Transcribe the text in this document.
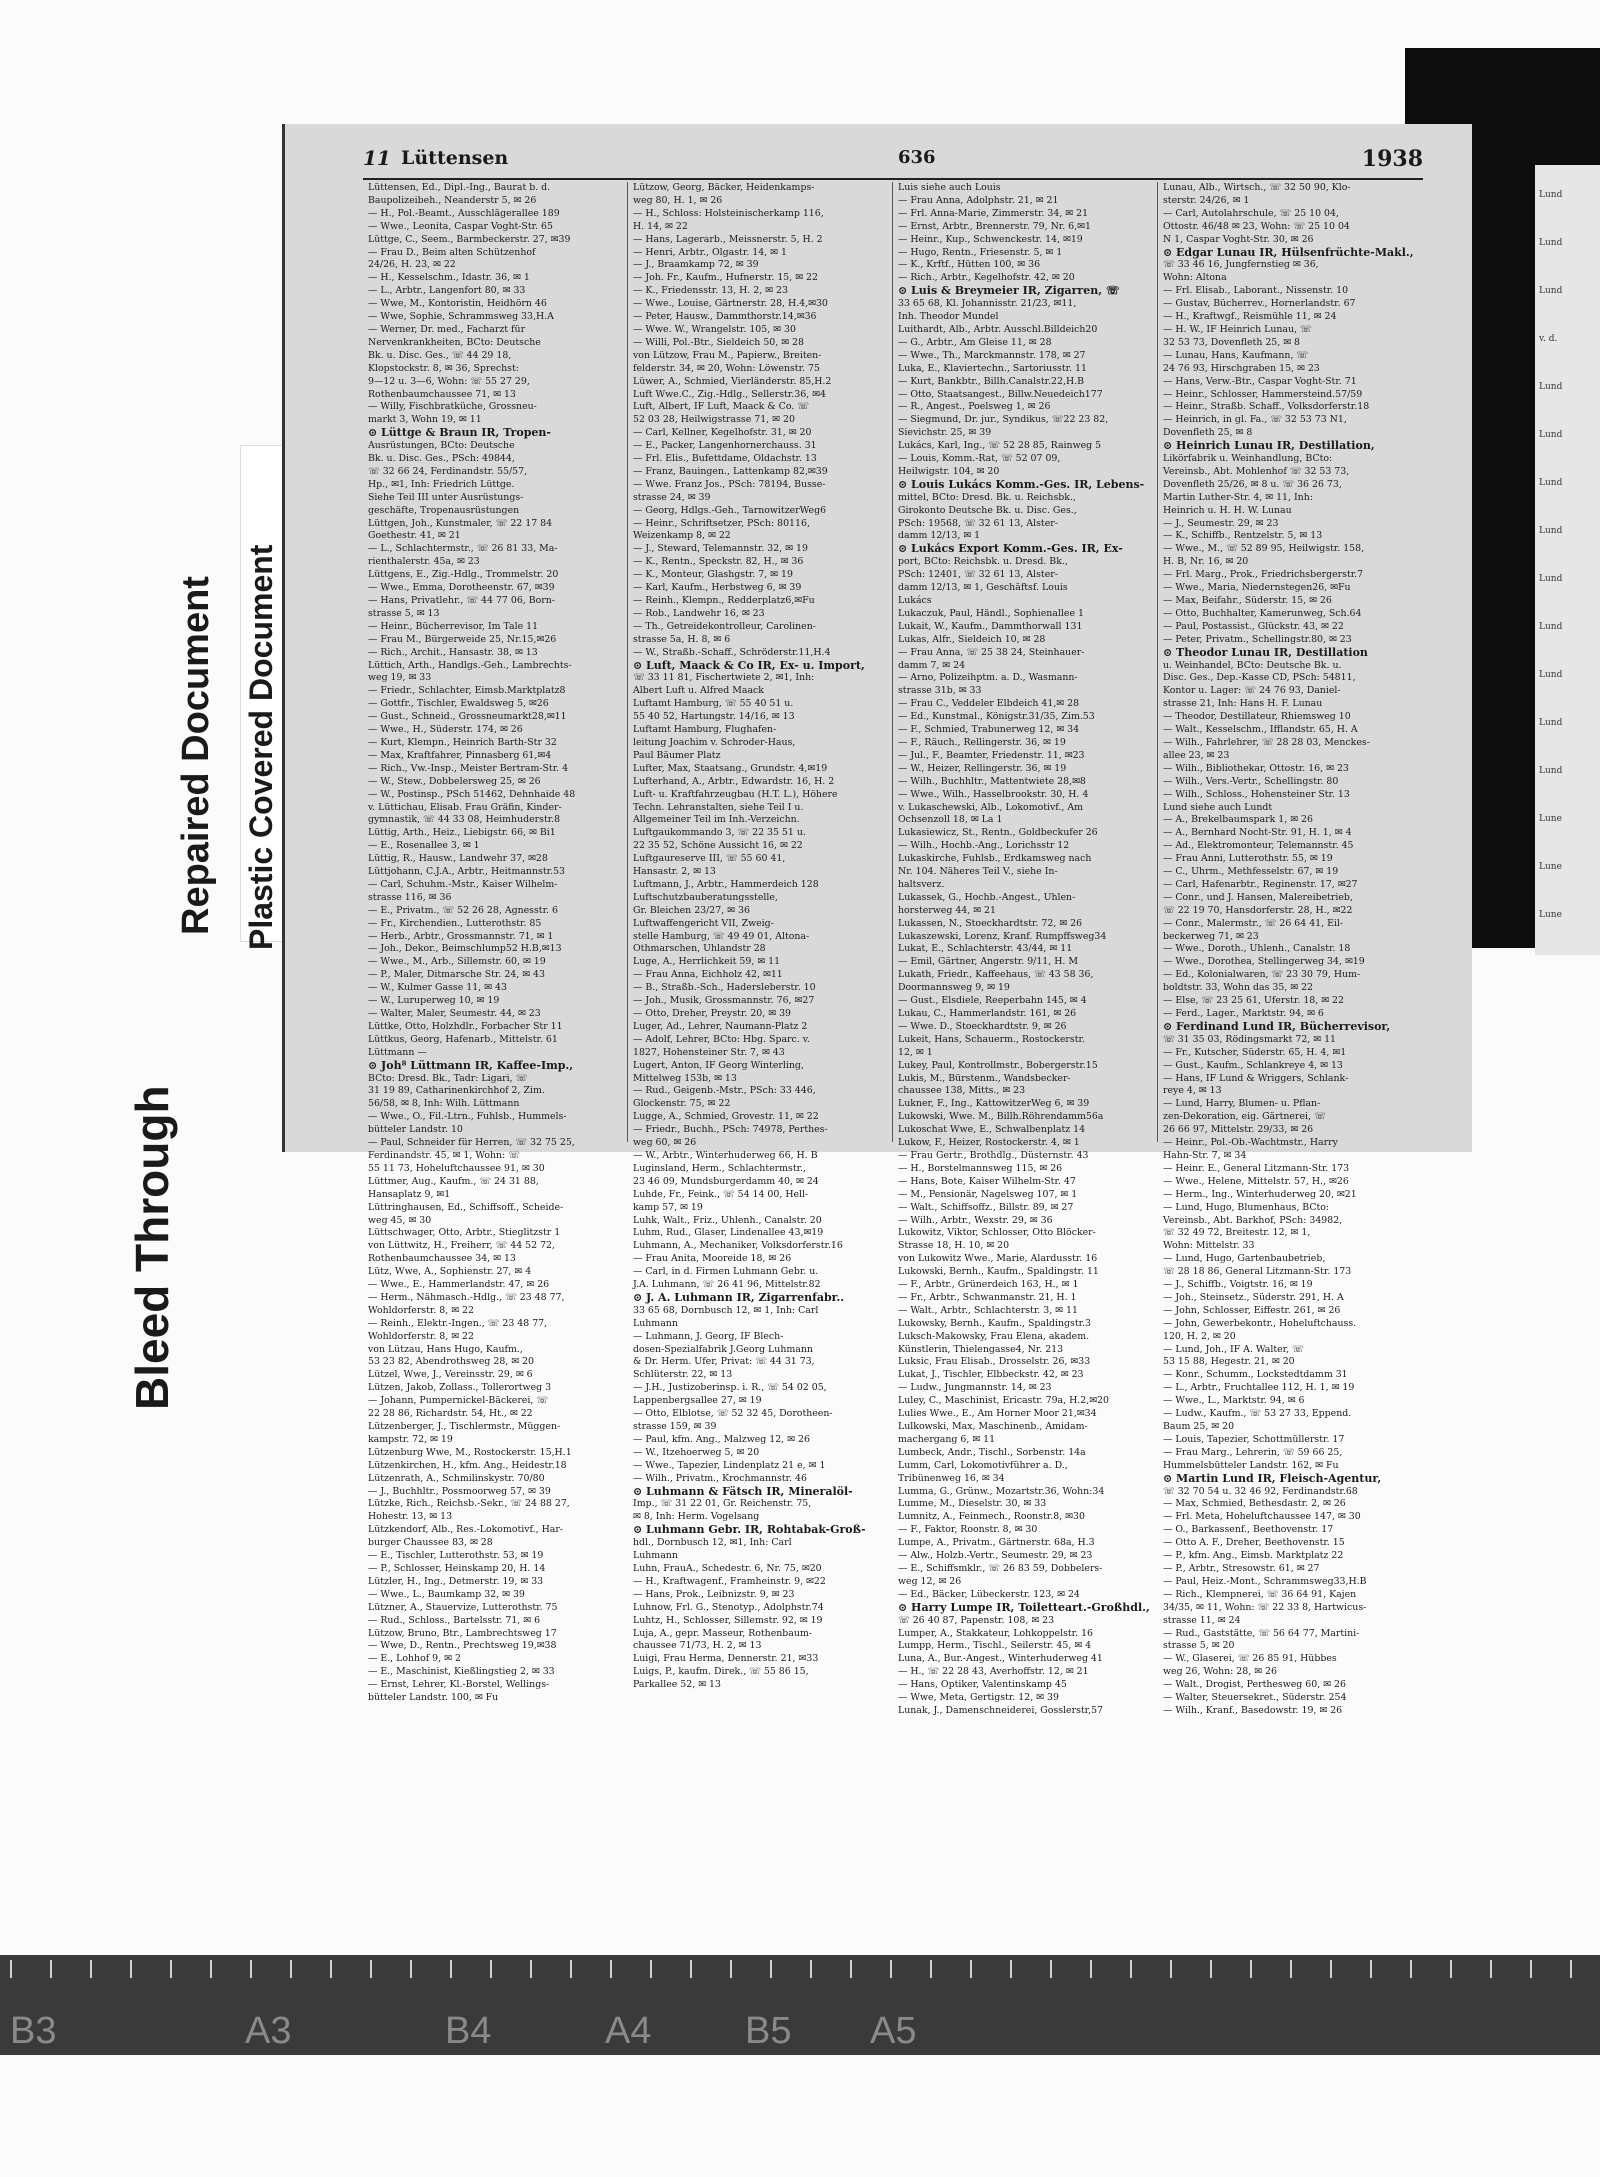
Lund
Lund
Lund
v. d.
Lund
Lund
Lund
Lund
Lund
Lund
Lund
Lund
Lund
Lune
Lune
Lune
Bleed Through
Repaired Document Plastic Covered Document
11 Lüttensen	636	1938
Lüttensen, Ed., Dipl.-Ing., Baurat b. d.
Baupolizeibeh., Neanderstr 5, ✉ 26
— H., Pol.-Beamt., Ausschlägerallee 189
— Wwe., Leonita, Caspar Voght-Str. 65
Lüttge, C., Seem., Barmbeckerstr. 27, ✉39
— Frau D., Beim alten Schützenhof
24/26, H. 23, ✉ 22
— H., Kesselschm., Idastr. 36, ✉ 1
— L., Arbtr., Langenfort 80, ✉ 33
— Wwe, M., Kontoristin, Heidhörn 46
— Wwe, Sophie, Schrammsweg 33,H.A
— Werner, Dr. med., Facharzt für
Nervenkrankheiten, BCto: Deutsche
Bk. u. Disc. Ges., ☏ 44 29 18,
Klopstockstr. 8, ✉ 36, Sprechst:
9—12 u. 3—6, Wohn: ☏ 55 27 29,
Rothenbaumchaussee 71, ✉ 13
— Willy, Fischbratküche, Grossneu-
markt 3, Wohn 19, ✉ 11
⊙ Lüttge & Braun IR, Tropen-
Ausrüstungen, BCto: Deutsche
Bk. u. Disc. Ges., PSch: 49844,
☏ 32 66 24, Ferdinandstr. 55/57,
Hp., ✉1, Inh: Friedrich Lüttge.
Siehe Teil III unter Ausrüstungs-
geschäfte, Tropenausrüstungen
Lüttgen, Joh., Kunstmaler, ☏ 22 17 84
Goethestr. 41, ✉ 21
— L., Schlachtermstr., ☏ 26 81 33, Ma-
rienthalerstr. 45a, ✉ 23
Lüttgens, E., Zig.-Hdlg., Trommelstr. 20
— Wwe., Emma, Dorotheenstr. 67, ✉39
— Hans, Privatlehr., ☏ 44 77 06, Born-
strasse 5, ✉ 13
— Heinr., Bücherrevisor, Im Tale 11
— Frau M., Bürgerweide 25, Nr.15,✉26
— Rich., Archit., Hansastr. 38, ✉ 13
Lüttich, Arth., Handlgs.-Geh., Lambrechts-
weg 19, ✉ 33
— Friedr., Schlachter, Eimsb.Marktplatz8
— Gottfr., Tischler, Ewaldsweg 5, ✉26
— Gust., Schneid., Grossneumarkt28,✉11
— Wwe., H., Süderstr. 174, ✉ 26
— Kurt, Klempn., Heinrich Barth-Str 32
— Max, Kraftfahrer, Pinnasberg 61,✉4
— Rich., Vw.-Insp., Meister Bertram-Str. 4
— W., Stew., Dobbelersweg 25, ✉ 26
— W., Postinsp., PSch 51462, Dehnhaide 48
v. Lüttichau, Elisab. Frau Gräfin, Kinder-
gymnastik, ☏ 44 33 08, Heimhuderstr.8
Lüttig, Arth., Heiz., Liebigstr. 66, ✉ Bi1
— E., Rosenallee 3, ✉ 1
Lüttig, R., Hausw., Landwehr 37, ✉28
Lüttjohann, C.J.A., Arbtr., Heitmannstr.53
— Carl, Schuhm.-Mstr., Kaiser Wilhelm-
strasse 116, ✉ 36
— E., Privatm., ☏ 52 26 28, Agnesstr. 6
— Fr., Kirchendien., Lutterothstr. 85
— Herb., Arbtr., Grossmannstr. 71, ✉ 1
— Joh., Dekor., Beimschlump52 H.B,✉13
— Wwe., M., Arb., Sillemstr. 60, ✉ 19
— P., Maler, Ditmarsche Str. 24, ✉ 43
— W., Kulmer Gasse 11, ✉ 43
— W., Luruperweg 10, ✉ 19
— Walter, Maler, Seumestr. 44, ✉ 23
Lüttke, Otto, Holzhdlr., Forbacher Str 11
Lüttkus, Georg, Hafenarb., Mittelstr. 61
Lüttmann —
⊙ Joh⁸ Lüttmann IR, Kaffee-Imp.,
BCto: Dresd. Bk., Tadr: Ligari, ☏
31 19 89, Catharinenkirchhof 2, Zim.
56/58, ✉ 8, Inh: Wilh. Lüttmann
— Wwe., O., Fil.-Ltrn., Fuhlsb., Hummels-
bütteler Landstr. 10
— Paul, Schneider für Herren, ☏ 32 75 25,
Ferdinandstr. 45, ✉ 1, Wohn: ☏
55 11 73, Hoheluftchaussee 91, ✉ 30
Lüttmer, Aug., Kaufm., ☏ 24 31 88,
Hansaplatz 9, ✉1
Lüttringhausen, Ed., Schiffsoff., Scheide-
weg 45, ✉ 30
Lüttschwager, Otto, Arbtr., Stieglitzstr 1
von Lüttwitz, H., Freiherr, ☏ 44 52 72,
Rothenbaumchaussee 34, ✉ 13
Lütz, Wwe, A., Sophienstr. 27, ✉ 4
— Wwe., E., Hammerlandstr. 47, ✉ 26
— Herm., Nähmasch.-Hdlg., ☏ 23 48 77,
Wohldorferstr. 8, ✉ 22
— Reinh., Elektr.-Ingen., ☏ 23 48 77,
Wohldorferstr. 8, ✉ 22
von Lützau, Hans Hugo, Kaufm.,
53 23 82, Abendrothsweg 28, ✉ 20
Lützel, Wwe, J., Vereinsstr. 29, ✉ 6
Lützen, Jakob, Zollass., Tollerortweg 3
— Johann, Pumpernickel-Bäckerei, ☏
22 28 86, Richardstr. 54, Ht., ✉ 22
Lützenberger, J., Tischlermstr., Müggen-
kampstr. 72, ✉ 19
Lützenburg Wwe, M., Rostockerstr. 15,H.1
Lützenkirchen, H., kfm. Ang., Heidestr.18
Lützenrath, A., Schmilinskystr. 70/80
— J., Buchhltr., Possmoorweg 57, ✉ 39
Lützke, Rich., Reichsb.-Sekr., ☏ 24 88 27,
Hohestr. 13, ✉ 13
Lützkendorf, Alb., Res.-Lokomotivf., Har-
burger Chaussee 83, ✉ 28
— E., Tischler, Lutterothstr. 53, ✉ 19
— P., Schlosser, Heinskamp 20, H. 14
Lützler, H., Ing., Detmerstr. 19, ✉ 33
— Wwe., L., Baumkamp 32, ✉ 39
Lützner, A., Stauervize, Lutterothstr. 75
— Rud., Schloss., Bartelsstr. 71, ✉ 6
Lützow, Bruno, Btr., Lambrechtsweg 17
— Wwe, D., Rentn., Prechtsweg 19,✉38
— E., Lohhof 9, ✉ 2
— E., Maschinist, Kießlingstieg 2, ✉ 33
— Ernst, Lehrer, Kl.-Borstel, Wellings-
bütteler Landstr. 100, ✉ Fu
Lützow, Georg, Bäcker, Heidenkamps-
weg 80, H. 1, ✉ 26
— H., Schloss: Holsteinischerkamp 116,
H. 14, ✉ 22
— Hans, Lagerarb., Meissnerstr. 5, H. 2
— Henri, Arbtr., Olgastr. 14, ✉ 1
— J., Braamkamp 72, ✉ 39
— Joh. Fr., Kaufm., Hufnerstr. 15, ✉ 22
— K., Friedensstr. 13, H. 2, ✉ 23
— Wwe., Louise, Gärtnerstr. 28, H.4,✉30
— Peter, Hausw., Dammthorstr.14,✉36
— Wwe. W., Wrangelstr. 105, ✉ 30
— Willi, Pol.-Btr., Sieldeich 50, ✉ 28
von Lützow, Frau M., Papierw., Breiten-
felderstr. 34, ✉ 20, Wohn: Löwenstr. 75
Lüwer, A., Schmied, Vierländerstr. 85,H.2
Luft Wwe.C., Zig.-Hdlg., Sellerstr.36, ✉4
Luft, Albert, IF Luft, Maack & Co. ☏
52 03 28, Heilwigstrasse 71, ✉ 20
— Carl, Kellner, Kegelhofstr. 31, ✉ 20
— E., Packer, Langenhornerchauss. 31
— Frl. Elis., Bufettdame, Oldachstr. 13
— Franz, Bauingen., Lattenkamp 82,✉39
— Wwe. Franz Jos., PSch: 78194, Busse-
strasse 24, ✉ 39
— Georg, Hdlgs.-Geh., TarnowitzerWeg6
— Heinr., Schriftsetzer, PSch: 80116,
Weizenkamp 8, ✉ 22
— J., Steward, Telemannstr. 32, ✉ 19
— K., Rentn., Speckstr. 82, H., ✉ 36
— K., Monteur, Glashgstr. 7, ✉ 19
— Karl, Kaufm., Herbstweg 6, ✉ 39
— Reinh., Klempn., Redderplatz6,✉Fu
— Rob., Landwehr 16, ✉ 23
— Th., Getreidekontrolleur, Carolinen-
strasse 5a, H. 8, ✉ 6
— W., Straßb.-Schaff., Schröderstr.11,H.4
⊙ Luft, Maack & Co IR, Ex- u. Import,
☏ 33 11 81, Fischertwiete 2, ✉1, Inh:
Albert Luft u. Alfred Maack
Luftamt Hamburg, ☏ 55 40 51 u.
55 40 52, Hartungstr. 14/16, ✉ 13
Luftamt Hamburg, Flughafen-
leitung Joachim v. Schroder-Haus,
Paul Bäumer Platz
Lufter, Max, Staatsang., Grundstr. 4,✉19
Lufterhand, A., Arbtr., Edwardstr. 16, H. 2
Luft- u. Kraftfahrzeugbau (H.T. L.), Höhere
Techn. Lehranstalten, siehe Teil I u.
Allgemeiner Teil im Inh.-Verzeichn.
Luftgaukommando 3, ☏ 22 35 51 u.
22 35 52, Schöne Aussicht 16, ✉ 22
Luftgaureserve III, ☏ 55 60 41,
Hansastr. 2, ✉ 13
Luftmann, J., Arbtr., Hammerdeich 128
Luftschutzbauberatungsstelle,
Gr. Bleichen 23/27, ✉ 36
Luftwaffengericht VII, Zweig-
stelle Hamburg, ☏ 49 49 01, Altona-
Othmarschen, Uhlandstr 28
Luge, A., Herrlichkeit 59, ✉ 11
— Frau Anna, Eichholz 42, ✉11
— B., Straßb.-Sch., Hadersleberstr. 10
— Joh., Musik, Grossmannstr. 76, ✉27
— Otto, Dreher, Preystr. 20, ✉ 39
Luger, Ad., Lehrer, Naumann-Platz 2
— Adolf, Lehrer, BCto: Hbg. Sparc. v.
1827, Hohensteiner Str. 7, ✉ 43
Lugert, Anton, IF Georg Winterling,
Mittelweg 153b, ✉ 13
— Rud., Geigenb.-Mstr., PSch: 33 446,
Glockenstr. 75, ✉ 22
Lugge, A., Schmied, Grovestr. 11, ✉ 22
— Friedr., Buchh., PSch: 74978, Perthes-
weg 60, ✉ 26
— W., Arbtr., Winterhuderweg 66, H. B
Luginsland, Herm., Schlachtermstr.,
23 46 09, Mundsburgerdamm 40, ✉ 24
Luhde, Fr., Feink., ☏ 54 14 00, Hell-
kamp 57, ✉ 19
Luhk, Walt., Friz., Uhlenh., Canalstr. 20
Luhm, Rud., Glaser, Lindenallee 43,✉19
Luhmann, A., Mechaniker, Volksdorferstr.16
— Frau Anita, Mooreide 18, ✉ 26
— Carl, in d. Firmen Luhmann Gebr. u.
J.A. Luhmann, ☏ 26 41 96, Mittelstr.82
⊙ J. A. Luhmann IR, Zigarrenfabr..
33 65 68, Dornbusch 12, ✉ 1, Inh: Carl
Luhmann
— Luhmann, J. Georg, IF Blech-
dosen-Spezialfabrik J.Georg Luhmann
& Dr. Herm. Ufer, Privat: ☏ 44 31 73,
Schlüterstr. 22, ✉ 13
— J.H., Justizoberinsp. i. R., ☏ 54 02 05,
Lappenbergsallee 27, ✉ 19
— Otto, Elblotse, ☏ 52 32 45, Dorotheen-
strasse 159, ✉ 39
— Paul, kfm. Ang., Malzweg 12, ✉ 26
— W., Itzehoerweg 5, ✉ 20
— Wwe., Tapezier, Lindenplatz 21 e, ✉ 1
— Wilh., Privatm., Krochmannstr. 46
⊙ Luhmann & Fätsch IR, Mineralöl-
Imp., ☏ 31 22 01, Gr. Reichenstr. 75,
✉ 8, Inh: Herm. Vogelsang
⊙ Luhmann Gebr. IR, Rohtabak-Groß-
hdl., Dornbusch 12, ✉1, Inh: Carl
Luhmann
Luhn, FrauA., Schedestr. 6, Nr. 75, ✉20
— H., Kraftwagenf., Framheinstr. 9, ✉22
— Hans, Prok., Leibnizstr. 9, ✉ 23
Luhnow, Frl. G., Stenotyp., Adolphstr.74
Luhtz, H., Schlosser, Sillemstr. 92, ✉ 19
Luja, A., gepr. Masseur, Rothenbaum-
chaussee 71/73, H. 2, ✉ 13
Luigi, Frau Herma, Dennerstr. 21, ✉33
Luigs, P., kaufm. Direk., ☏ 55 86 15,
Parkallee 52, ✉ 13
Luis siehe auch Louis
— Frau Anna, Adolphstr. 21, ✉ 21
— Frl. Anna-Marie, Zimmerstr. 34, ✉ 21
— Ernst, Arbtr., Brennerstr. 79, Nr. 6,✉1
— Heinr., Kup., Schwenckestr. 14, ✉19
— Hugo, Rentn., Friesenstr. 5, ✉ 1
— K., Krftf., Hütten 100, ✉ 36
— Rich., Arbtr., Kegelhofstr. 42, ✉ 20
⊙ Luis & Breymeier IR, Zigarren, ☏
33 65 68, Kl. Johannisstr. 21/23, ✉11,
Inh. Theodor Mundel
Luithardt, Alb., Arbtr. Ausschl.Billdeich20
— G., Arbtr., Am Gleise 11, ✉ 28
— Wwe., Th., Marckmannstr. 178, ✉ 27
Luka, E., Klaviertechn., Sartoriusstr. 11
— Kurt, Bankbtr., Billh.Canalstr.22,H.B
— Otto, Staatsangest., Billw.Neuedeich177
— R., Angest., Poelsweg 1, ✉ 26
— Siegmund, Dr. jur., Syndikus, ☏22 23 82,
Sievichstr. 25, ✉ 39
Lukács, Karl, Ing., ☏ 52 28 85, Rainweg 5
— Louis, Komm.-Rat, ☏ 52 07 09,
Heilwigstr. 104, ✉ 20
⊙ Louis Lukács Komm.-Ges. IR, Lebens-
mittel, BCto: Dresd. Bk. u. Reichsbk.,
Girokonto Deutsche Bk. u. Disc. Ges.,
PSch: 19568, ☏ 32 61 13, Alster-
damm 12/13, ✉ 1
⊙ Lukács Export Komm.-Ges. IR, Ex-
port, BCto: Reichsbk. u. Dresd. Bk.,
PSch: 12401, ☏ 32 61 13, Alster-
damm 12/13, ✉ 1, Geschäftsf. Louis
Lukács
Lukaczuk, Paul, Händl., Sophienallee 1
Lukait, W., Kaufm., Dammthorwall 131
Lukas, Alfr., Sieldeich 10, ✉ 28
— Frau Anna, ☏ 25 38 24, Steinhauer-
damm 7, ✉ 24
— Arno, Polizeihptm. a. D., Wasmann-
strasse 31b, ✉ 33
— Frau C., Veddeler Elbdeich 41,✉ 28
— Ed., Kunstmal., Königstr.31/35, Zim.53
— F., Schmied, Trabunerweg 12, ✉ 34
— F., Räuch., Rellingerstr. 36, ✉ 19
— Jul., F., Beamter, Friedenstr. 11, ✉23
— W., Heizer, Rellingerstr. 36, ✉ 19
— Wilh., Buchhltr., Mattentwiete 28,✉8
— Wwe., Wilh., Hasselbrookstr. 30, H. 4
v. Lukaschewski, Alb., Lokomotivf., Am
Ochsenzoll 18, ✉ La 1
Lukasiewicz, St., Rentn., Goldbeckufer 26
— Wilh., Hochb.-Ang., Lorichsstr 12
Lukaskirche, Fuhlsb., Erdkamsweg nach
Nr. 104. Näheres Teil V., siehe In-
haltsverz.
Lukassek, G., Hochb.-Angest., Uhlen-
horsterweg 44, ✉ 21
Lukassen, N., Stoeckhardtstr. 72, ✉ 26
Lukaszewski, Lorenz, Kranf. Rumpffsweg34
Lukat, E., Schlachterstr. 43/44, ✉ 11
— Emil, Gärtner, Angerstr. 9/11, H. M
Lukath, Friedr., Kaffeehaus, ☏ 43 58 36,
Doormannsweg 9, ✉ 19
— Gust., Elsdiele, Reeperbahn 145, ✉ 4
Lukau, C., Hammerlandstr. 161, ✉ 26
— Wwe. D., Stoeckhardtstr. 9, ✉ 26
Lukeit, Hans, Schauerm., Rostockerstr.
12, ✉ 1
Lukey, Paul, Kontrollmstr., Bobergerstr.15
Lukis, M., Bürstenm., Wandsbecker-
chaussee 138, Mitts., ✉ 23
Lukner, F., Ing., KattowitzerWeg 6, ✉ 39
Lukowski, Wwe. M., Billh.Röhrendamm56a
Lukoschat Wwe, E., Schwalbenplatz 14
Lukow, F., Heizer, Rostockerstr. 4, ✉ 1
— Frau Gertr., Brothdlg., Düsternstr. 43
— H., Borstelmannsweg 115, ✉ 26
— Hans, Bote, Kaiser Wilhelm-Str. 47
— M., Pensionär, Nagelsweg 107, ✉ 1
— Walt., Schiffsoffz., Billstr. 89, ✉ 27
— Wilh., Arbtr., Wexstr. 29, ✉ 36
Lukowitz, Viktor, Schlosser, Otto Blöcker-
Strasse 18, H. 10, ✉ 20
von Lukowitz Wwe., Marie, Alardusstr. 16
Lukowski, Bernh., Kaufm., Spaldingstr. 11
— F., Arbtr., Grünerdeich 163, H., ✉ 1
— Fr., Arbtr., Schwanmanstr. 21, H. 1
— Walt., Arbtr., Schlachterstr. 3, ✉ 11
Lukowsky, Bernh., Kaufm., Spaldingstr.3
Luksch-Makowsky, Frau Elena, akadem.
Künstlerin, Thielengasse4, Nr. 213
Luksic, Frau Elisab., Drosselstr. 26, ✉33
Lukat, J., Tischler, Elbbeckstr. 42, ✉ 23
— Ludw., Jungmannstr. 14, ✉ 23
Luley, C., Maschinist, Ericastr. 79a, H.2,✉20
Lulies Wwe., E., Am Horner Moor 21,✉34
Lulkowski, Max, Maschinenb., Amidam-
machergang 6, ✉ 11
Lumbeck, Andr., Tischl., Sorbenstr. 14a
Lumm, Carl, Lokomotivführer a. D.,
Tribünenweg 16, ✉ 34
Lumma, G., Grünw., Mozartstr.36, Wohn:34
Lumme, M., Dieselstr. 30, ✉ 33
Lumnitz, A., Feinmech., Roonstr.8, ✉30
— F., Faktor, Roonstr. 8, ✉ 30
Lumpe, A., Privatm., Gärtnerstr. 68a, H.3
— Alw., Holzb.-Vertr., Seumestr. 29, ✉ 23
— E., Schiffsmklr., ☏ 26 83 59, Dobbelers-
weg 12, ✉ 26
— Ed., Bäcker, Lübeckerstr. 123, ✉ 24
⊙ Harry Lumpe IR, Toiletteart.-Großhdl.,
☏ 26 40 87, Papenstr. 108, ✉ 23
Lumper, A., Stakkateur, Lohkoppelstr. 16
Lumpp, Herm., Tischl., Seilerstr. 45, ✉ 4
Luna, A., Bur.-Angest., Winterhuderweg 41
— H., ☏ 22 28 43, Averhoffstr. 12, ✉ 21
— Hans, Optiker, Valentinskamp 45
— Wwe, Meta, Gertigstr. 12, ✉ 39
Lunak, J., Damenschneiderei, Gosslerstr,57
Lunau, Alb., Wirtsch., ☏ 32 50 90, Klo-
sterstr. 24/26, ✉ 1
— Carl, Autolahrschule, ☏ 25 10 04,
Ottostr. 46/48 ✉ 23, Wohn: ☏ 25 10 04
N 1, Caspar Voght-Str. 30, ✉ 26
⊙ Edgar Lunau IR, Hülsenfrüchte-Makl.,
☏ 33 46 16, Jungfernstieg ✉ 36,
Wohn: Altona
— Frl. Elisab., Laborant., Nissenstr. 10
— Gustav, Bücherrev., Hornerlandstr. 67
— H., Kraftwgf., Reismühle 11, ✉ 24
— H. W., IF Heinrich Lunau, ☏
32 53 73, Dovenfleth 25, ✉ 8
— Lunau, Hans, Kaufmann, ☏
24 76 93, Hirschgraben 15, ✉ 23
— Hans, Verw.-Btr., Caspar Voght-Str. 71
— Heinr., Schlosser, Hammersteind.57/59
— Heinr., Straßb. Schaff., Volksdorferstr.18
— Heinrich, in gl. Fa., ☏ 32 53 73 N1,
Dovenfleth 25, ✉ 8
⊙ Heinrich Lunau IR, Destillation,
Likörfabrik u. Weinhandlung, BCto:
Vereinsb., Abt. Mohlenhof ☏ 32 53 73,
Dovenfleth 25/26, ✉ 8 u. ☏ 36 26 73,
Martin Luther-Str. 4, ✉ 11, Inh:
Heinrich u. H. H. W. Lunau
— J., Seumestr. 29, ✉ 23
— K., Schiffb., Rentzelstr. 5, ✉ 13
— Wwe., M., ☏ 52 89 95, Heilwigstr. 158,
H. B, Nr. 16, ✉ 20
— Frl. Marg., Prok., Friedrichsbergerstr.7
— Wwe., Maria, Niedernstegen26, ✉Fu
— Max, Beifahr., Süderstr. 15, ✉ 26
— Otto, Buchhalter, Kamerunweg, Sch.64
— Paul, Postassist., Glückstr. 43, ✉ 22
— Peter, Privatm., Schellingstr.80, ✉ 23
⊙ Theodor Lunau IR, Destillation
u. Weinhandel, BCto: Deutsche Bk. u.
Disc. Ges., Dep.-Kasse CD, PSch: 54811,
Kontor u. Lager: ☏ 24 76 93, Daniel-
strasse 21, Inh: Hans H. F. Lunau
— Theodor, Destillateur, Rhiemsweg 10
— Walt., Kesselschm., Ifflandstr. 65, H. A
— Wilh., Fahrlehrer, ☏ 28 28 03, Menckes-
allee 23, ✉ 23
— Wilh., Bibliothekar, Ottostr. 16, ✉ 23
— Wilh., Vers.-Vertr., Schellingstr. 80
— Wilh., Schloss., Hohensteiner Str. 13
Lund siehe auch Lundt
— A., Brekelbaumspark 1, ✉ 26
— A., Bernhard Nocht-Str. 91, H. 1, ✉ 4
— Ad., Elektromonteur, Telemannstr. 45
— Frau Anni, Lutterothstr. 55, ✉ 19
— C., Uhrm., Methfesselstr. 67, ✉ 19
— Carl, Hafenarbtr., Reginenstr. 17, ✉27
— Conr., und J. Hansen, Malereibetrieb,
☏ 22 19 70, Hansdorferstr. 28, H., ✉22
— Conr., Malermstr., ☏ 26 64 41, Eil-
beckerweg 71, ✉ 23
— Wwe., Doroth., Uhlenh., Canalstr. 18
— Wwe., Dorothea, Stellingerweg 34, ✉19
— Ed., Kolonialwaren, ☏ 23 30 79, Hum-
boldtstr. 33, Wohn das 35, ✉ 22
— Else, ☏ 23 25 61, Uferstr. 18, ✉ 22
— Ferd., Lager., Marktstr. 94, ✉ 6
⊙ Ferdinand Lund IR, Bücherrevisor,
☏ 31 35 03, Rödingsmarkt 72, ✉ 11
— Fr., Kutscher, Süderstr. 65, H. 4, ✉1
— Gust., Kaufm., Schlankreye 4, ✉ 13
— Hans, IF Lund & Wriggers, Schlank-
reye 4, ✉ 13
— Lund, Harry, Blumen- u. Pflan-
zen-Dekoration, eig. Gärtnerei, ☏
26 66 97, Mittelstr. 29/33, ✉ 26
— Heinr., Pol.-Ob.-Wachtmstr., Harry
Hahn-Str. 7, ✉ 34
— Heinr. E., General Litzmann-Str. 173
— Wwe., Helene, Mittelstr. 57, H., ✉26
— Herm., Ing., Winterhuderweg 20, ✉21
— Lund, Hugo, Blumenhaus, BCto:
Vereinsb., Abt. Barkhof, PSch: 34982,
☏ 32 49 72, Breitestr. 12, ✉ 1,
Wohn: Mittelstr. 33
— Lund, Hugo, Gartenbaubetrieb,
☏ 28 18 86, General Litzmann-Str. 173
— J., Schiffb., Voigtstr. 16, ✉ 19
— Joh., Steinsetz., Süderstr. 291, H. A
— John, Schlosser, Eiffestr. 261, ✉ 26
— John, Gewerbekontr., Hoheluftchauss.
120, H. 2, ✉ 20
— Lund, Joh., IF A. Walter, ☏
53 15 88, Hegestr. 21, ✉ 20
— Konr., Schumm., Lockstedtdamm 31
— L., Arbtr., Fruchtallee 112, H. 1, ✉ 19
— Wwe., L., Marktstr. 94, ✉ 6
— Ludw., Kaufm., ☏ 53 27 33, Eppend.
Baum 25, ✉ 20
— Louis, Tapezier, Schottmüllerstr. 17
— Frau Marg., Lehrerin, ☏ 59 66 25,
Hummelsbütteler Landstr. 162, ✉ Fu
⊙ Martin Lund IR, Fleisch-Agentur,
☏ 32 70 54 u. 32 46 92, Ferdinandstr.68
— Max, Schmied, Bethesdastr. 2, ✉ 26
— Frl. Meta, Hoheluftchaussee 147, ✉ 30
— O., Barkassenf., Beethovenstr. 17
— Otto A. F., Dreher, Beethovenstr. 15
— P., kfm. Ang., Eimsb. Marktplatz 22
— P., Arbtr., Stresowstr. 61, ✉ 27
— Paul, Heiz.-Mont., Schrammsweg33,H.B
— Rich., Klempnerei, ☏ 36 64 91, Kajen
34/35, ✉ 11, Wohn: ☏ 22 33 8, Hartwicus-
strasse 11, ✉ 24
— Rud., Gaststätte, ☏ 56 64 77, Martini-
strasse 5, ✉ 20
— W., Glaserei, ☏ 26 85 91, Hübbes
weg 26, Wohn: 28, ✉ 26
— Walt., Drogist, Perthesweg 60, ✉ 26
— Walter, Steuersekret., Süderstr. 254
— Wilh., Kranf., Basedowstr. 19, ✉ 26
B3	A3	B4	A4 B5 A5
